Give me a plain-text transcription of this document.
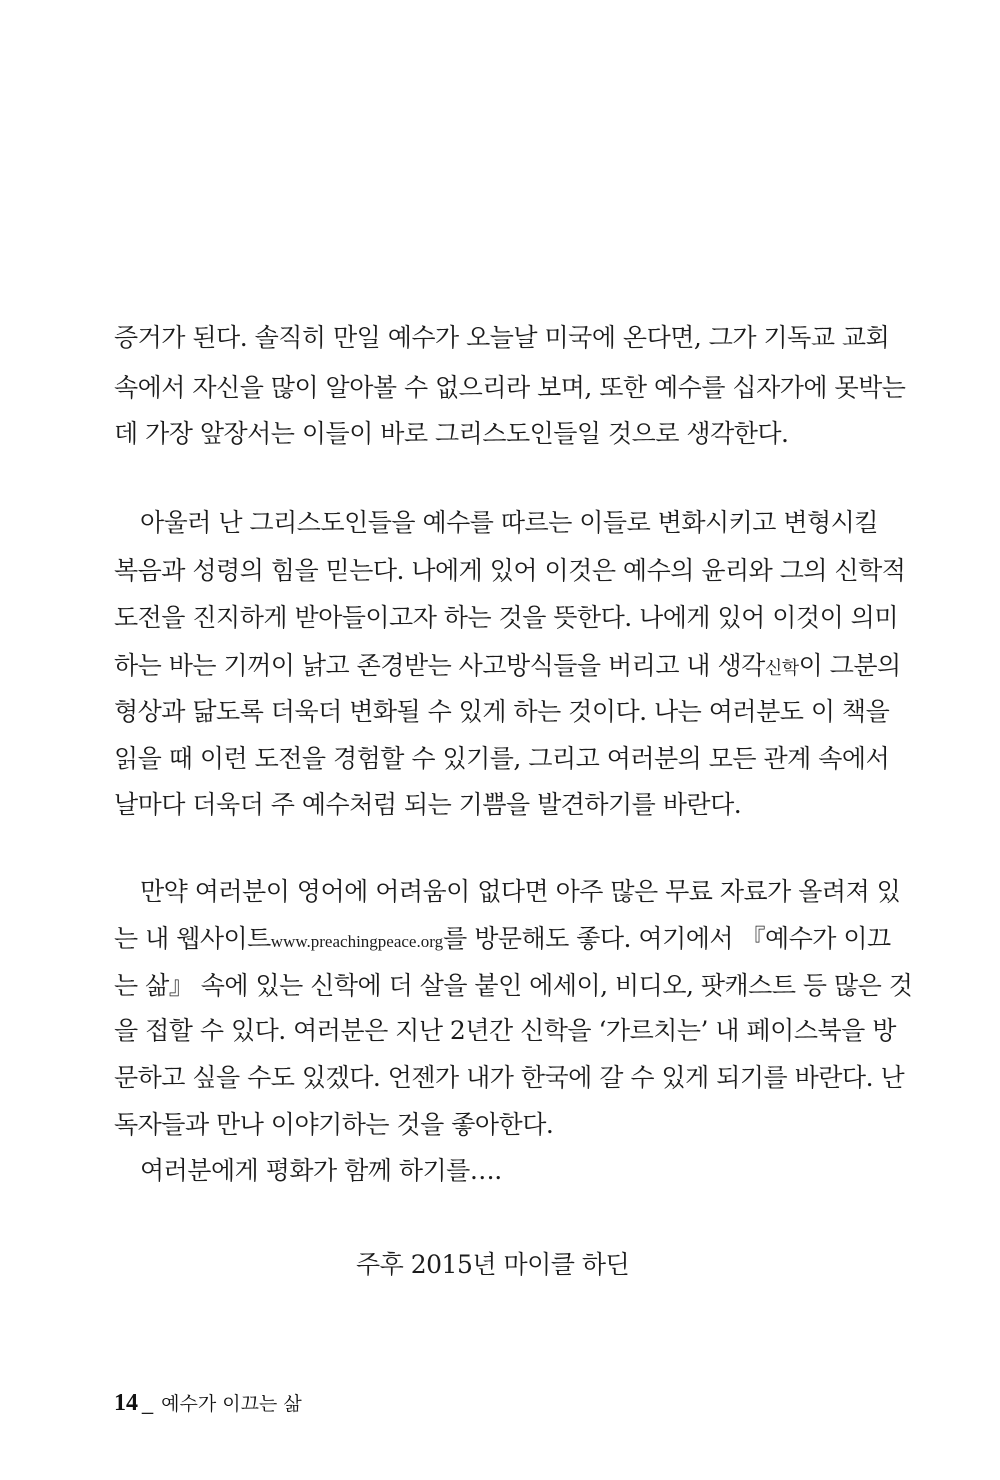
증거가 된다. 솔직히 만일 예수가 오늘날 미국에 온다면, 그가 기독교 교회
속에서 자신을 많이 알아볼 수 없으리라 보며, 또한 예수를 십자가에 못박는
데 가장 앞장서는 이들이 바로 그리스도인들일 것으로 생각한다.
아울러 난 그리스도인들을 예수를 따르는 이들로 변화시키고 변형시킬
복음과 성령의 힘을 믿는다. 나에게 있어 이것은 예수의 윤리와 그의 신학적
도전을 진지하게 받아들이고자 하는 것을 뜻한다. 나에게 있어 이것이 의미
하는 바는 기꺼이 낡고 존경받는 사고방식들을 버리고 내 생각신학이 그분의
형상과 닮도록 더욱더 변화될 수 있게 하는 것이다. 나는 여러분도 이 책을
읽을 때 이런 도전을 경험할 수 있기를, 그리고 여러분의 모든 관계 속에서
날마다 더욱더 주 예수처럼 되는 기쁨을 발견하기를 바란다.
만약 여러분이 영어에 어려움이 없다면 아주 많은 무료 자료가 올려져 있
는 내 웹사이트www.preachingpeace.org를 방문해도 좋다. 여기에서 『예수가 이끄
는 삶』 속에 있는 신학에 더 살을 붙인 에세이, 비디오, 팟캐스트 등 많은 것
을 접할 수 있다. 여러분은 지난 2년간 신학을 ‘가르치는’ 내 페이스북을 방
문하고 싶을 수도 있겠다. 언젠가 내가 한국에 갈 수 있게 되기를 바란다. 난
독자들과 만나 이야기하는 것을 좋아한다.
여러분에게 평화가 함께 하기를….
주후 2015년 마이클 하딘
14 _ 예수가 이끄는 삶
